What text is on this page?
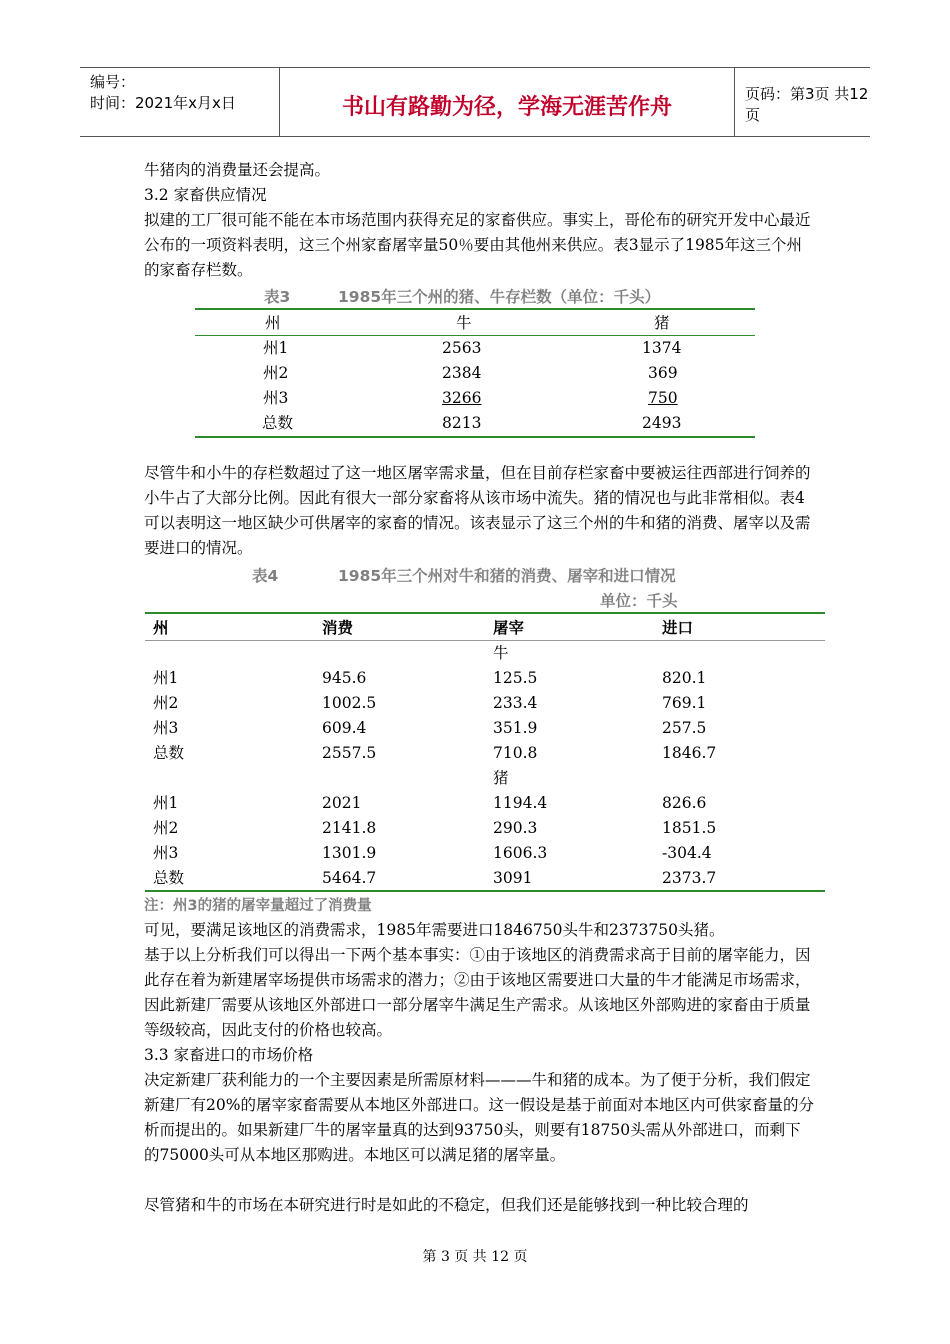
编号：
时间：2021年x月x日	书山有路勤为径，学海无涯苦作舟
页码：第3页 共12页

牛猪肉的消费量还会提高。

3.2 家畜供应情况

拟建的工厂很可能不能在本市场范围内获得充足的家畜供应。事实上，哥伦布的研究开发中心最近公布的一项资料表明，这三个州家畜屠宰量50％要由其他州来供应。表3显示了1985年这三个州的家畜存栏数。

表3	1985年三个州的猪、牛存栏数（单位：千头）
州	牛	猪
州1	2563	1374
州2	2384	369
州3	3266	750
总数	8213	2493

尽管牛和小牛的存栏数超过了这一地区屠宰需求量，但在目前存栏家畜中要被运往西部进行饲养的小牛占了大部分比例。因此有很大一部分家畜将从该市场中流失。猪的情况也与此非常相似。表4可以表明这一地区缺少可供屠宰的家畜的情况。该表显示了这三个州的牛和猪的消费、屠宰以及需要进口的情况。

表4	1985年三个州对牛和猪的消费、屠宰和进口情况
单位：千头
州	消费	屠宰	进口
牛
州1	945.6	125.5	820.1
州2	1002.5	233.4	769.1
州3	609.4	351.9	257.5
总数	2557.5	710.8	1846.7
猪
州1	2021	1194.4	826.6
州2	2141.8	290.3	1851.5
州3	1301.9	1606.3	-304.4
总数	5464.7	3091	2373.7
注：州3的猪的屠宰量超过了消费量

可见，要满足该地区的消费需求，1985年需要进口1846750头牛和2373750头猪。

基于以上分析我们可以得出一下两个基本事实：①由于该地区的消费需求高于目前的屠宰能力，因此存在着为新建屠宰场提供市场需求的潜力；②由于该地区需要进口大量的牛才能满足市场需求，因此新建厂需要从该地区外部进口一部分屠宰牛满足生产需求。从该地区外部购进的家畜由于质量等级较高，因此支付的价格也较高。

3.3 家畜进口的市场价格

决定新建厂获利能力的一个主要因素是所需原材料———牛和猪的成本。为了便于分析，我们假定新建厂有20%的屠宰家畜需要从本地区外部进口。这一假设是基于前面对本地区内可供家畜量的分析而提出的。如果新建厂牛的屠宰量真的达到93750头，则要有18750头需从外部进口，而剩下的75000头可从本地区那购进。本地区可以满足猪的屠宰量。

尽管猪和牛的市场在本研究进行时是如此的不稳定，但我们还是能够找到一种比较合理的

第 3 页 共 12 页
